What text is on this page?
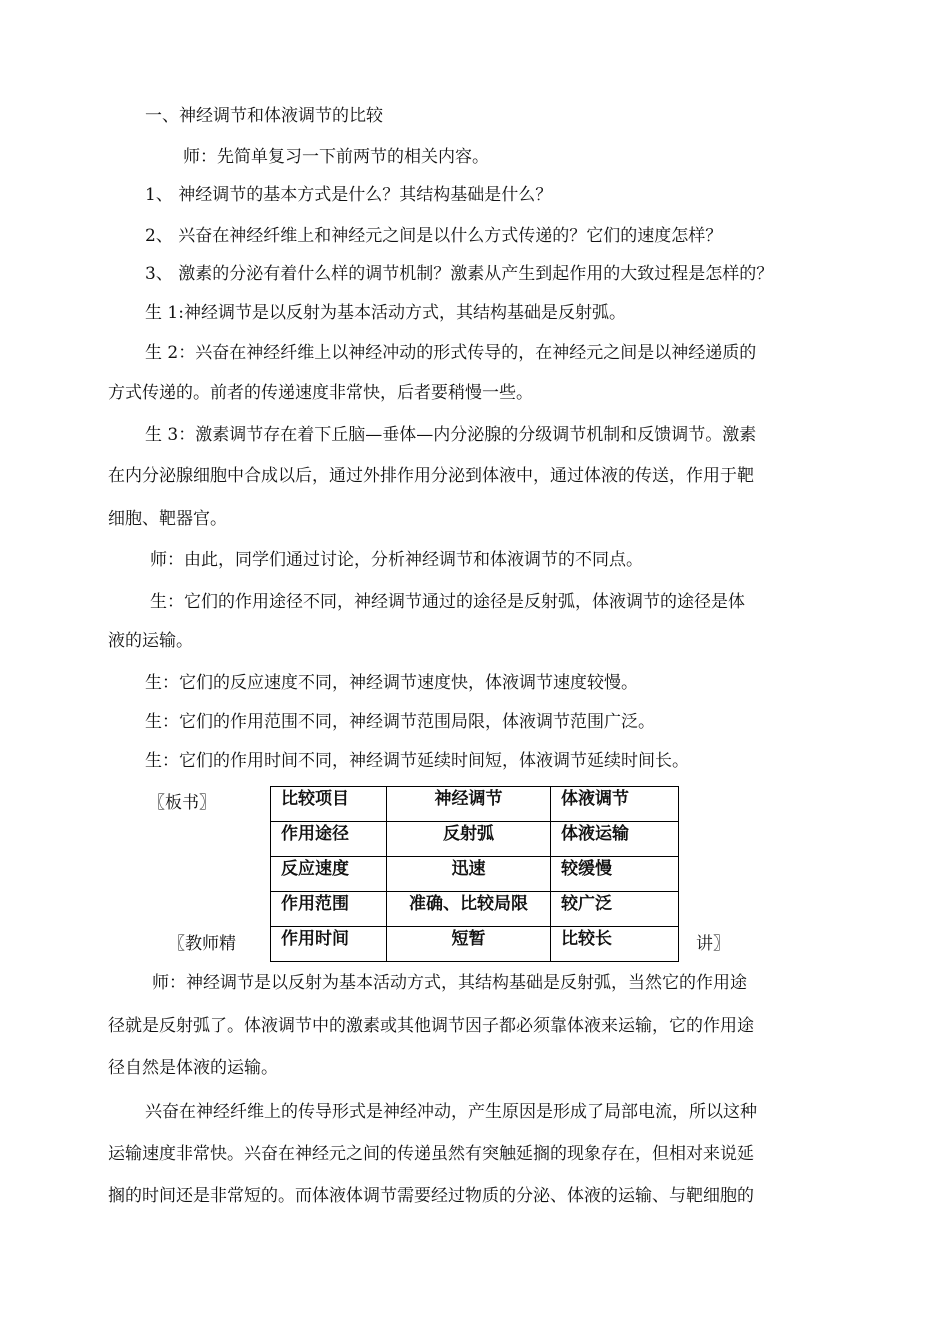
一、神经调节和体液调节的比较
师：先简单复习一下前两节的相关内容。
1、 神经调节的基本方式是什么？其结构基础是什么？
2、 兴奋在神经纤维上和神经元之间是以什么方式传递的？它们的速度怎样？
3、 激素的分泌有着什么样的调节机制？激素从产生到起作用的大致过程是怎样的？
生 1:神经调节是以反射为基本活动方式，其结构基础是反射弧。
生 2：兴奋在神经纤维上以神经冲动的形式传导的，在神经元之间是以神经递质的
方式传递的。前者的传递速度非常快，后者要稍慢一些。
生 3：激素调节存在着下丘脑—垂体—内分泌腺的分级调节机制和反馈调节。激素
在内分泌腺细胞中合成以后，通过外排作用分泌到体液中，通过体液的传送，作用于靶
细胞、靶器官。
师：由此，同学们通过讨论，分析神经调节和体液调节的不同点。
生：它们的作用途径不同，神经调节通过的途径是反射弧，体液调节的途径是体
液的运输。
生：它们的反应速度不同，神经调节速度快，体液调节速度较慢。
生：它们的作用范围不同，神经调节范围局限，体液调节范围广泛。
生：它们的作用时间不同，神经调节延续时间短，体液调节延续时间长。
〖板书〗	比较项目	神经调节	体液调节
作用途径	反射弧	体液运输
反应速度	迅速	较缓慢
作用范围	准确、比较局限	较广泛
作用时间	短暂	比较长
〖教师精	讲〗
师：神经调节是以反射为基本活动方式，其结构基础是反射弧，当然它的作用途
径就是反射弧了。体液调节中的激素或其他调节因子都必须靠体液来运输，它的作用途
径自然是体液的运输。
兴奋在神经纤维上的传导形式是神经冲动，产生原因是形成了局部电流，所以这种
运输速度非常快。兴奋在神经元之间的传递虽然有突触延搁的现象存在，但相对来说延
搁的时间还是非常短的。而体液体调节需要经过物质的分泌、体液的运输、与靶细胞的
